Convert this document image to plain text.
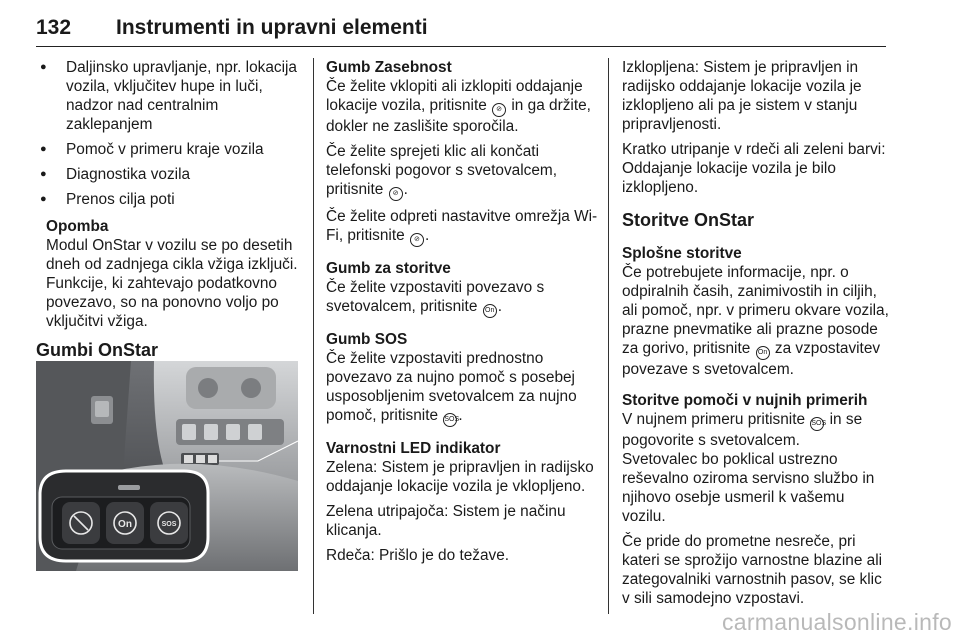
132 Instrumenti in upravni elementi
● Daljinsko upravljanje, npr. lokacija vozila, vključitev hupe in luči, nadzor nad centralnim zaklepanjem
● Pomoč v primeru kraje vozila
● Diagnostika vozila
● Prenos cilja poti
Opomba
Modul OnStar v vozilu se po desetih dneh od zadnjega cikla vžiga izključi. Funkcije, ki zahtevajo podatkovno povezavo, so na ponovno voljo po vključitvi vžiga.
Gumbi OnStar
On	SOS
Gumb Zasebnost

Če želite vklopiti ali izklopiti oddajanje lokacije vozila, pritisnite ⊘ in ga držite, dokler ne zaslišite sporočila.

Če želite sprejeti klic ali končati telefonski pogovor s svetovalcem, pritisnite ⊘ .

Če želite odpreti nastavitve omrežja Wi-Fi, pritisnite ⊘ .

Gumb za storitve

Če želite vzpostaviti povezavo s svetovalcem, pritisnite On .

Gumb SOS

Če želite vzpostaviti prednostno povezavo za nujno pomoč s posebej usposobljenim svetovalcem za nujno pomoč, pritisnite SOS.

Varnostni LED indikator

Zelena: Sistem je pripravljen in radijsko oddajanje lokacije vozila je vklopljeno.

Zelena utripajoča: Sistem je načinu klicanja.

Rdeča: Prišlo je do težave.

Izklopljena: Sistem je pripravljen in radijsko oddajanje lokacije vozila je izklopljeno ali pa je sistem v stanju pripravljenosti.

Kratko utripanje v rdeči ali zeleni barvi: Oddajanje lokacije vozila je bilo izklopljeno.

Storitve OnStar
Splošne storitve

Če potrebujete informacije, npr. o odpiralnih časih, zanimivostih in ciljih, ali pomoč, npr. v primeru okvare vozila, prazne pnevmatike ali prazne posode za gorivo, pritisnite On za vzpostavitev povezave s svetovalcem.

Storitve pomoči v nujnih primerih

V nujnem primeru pritisnite SOS in se pogovorite s svetovalcem.

Svetovalec bo poklical ustrezno reševalno oziroma servisno službo in njihovo osebje usmeril k vašemu vozilu.

Če pride do prometne nesreče, pri kateri se sprožijo varnostne blazine ali zategovalniki varnostnih pasov, se klic v sili samodejno vzpostavi.

carmanualsonline.info
